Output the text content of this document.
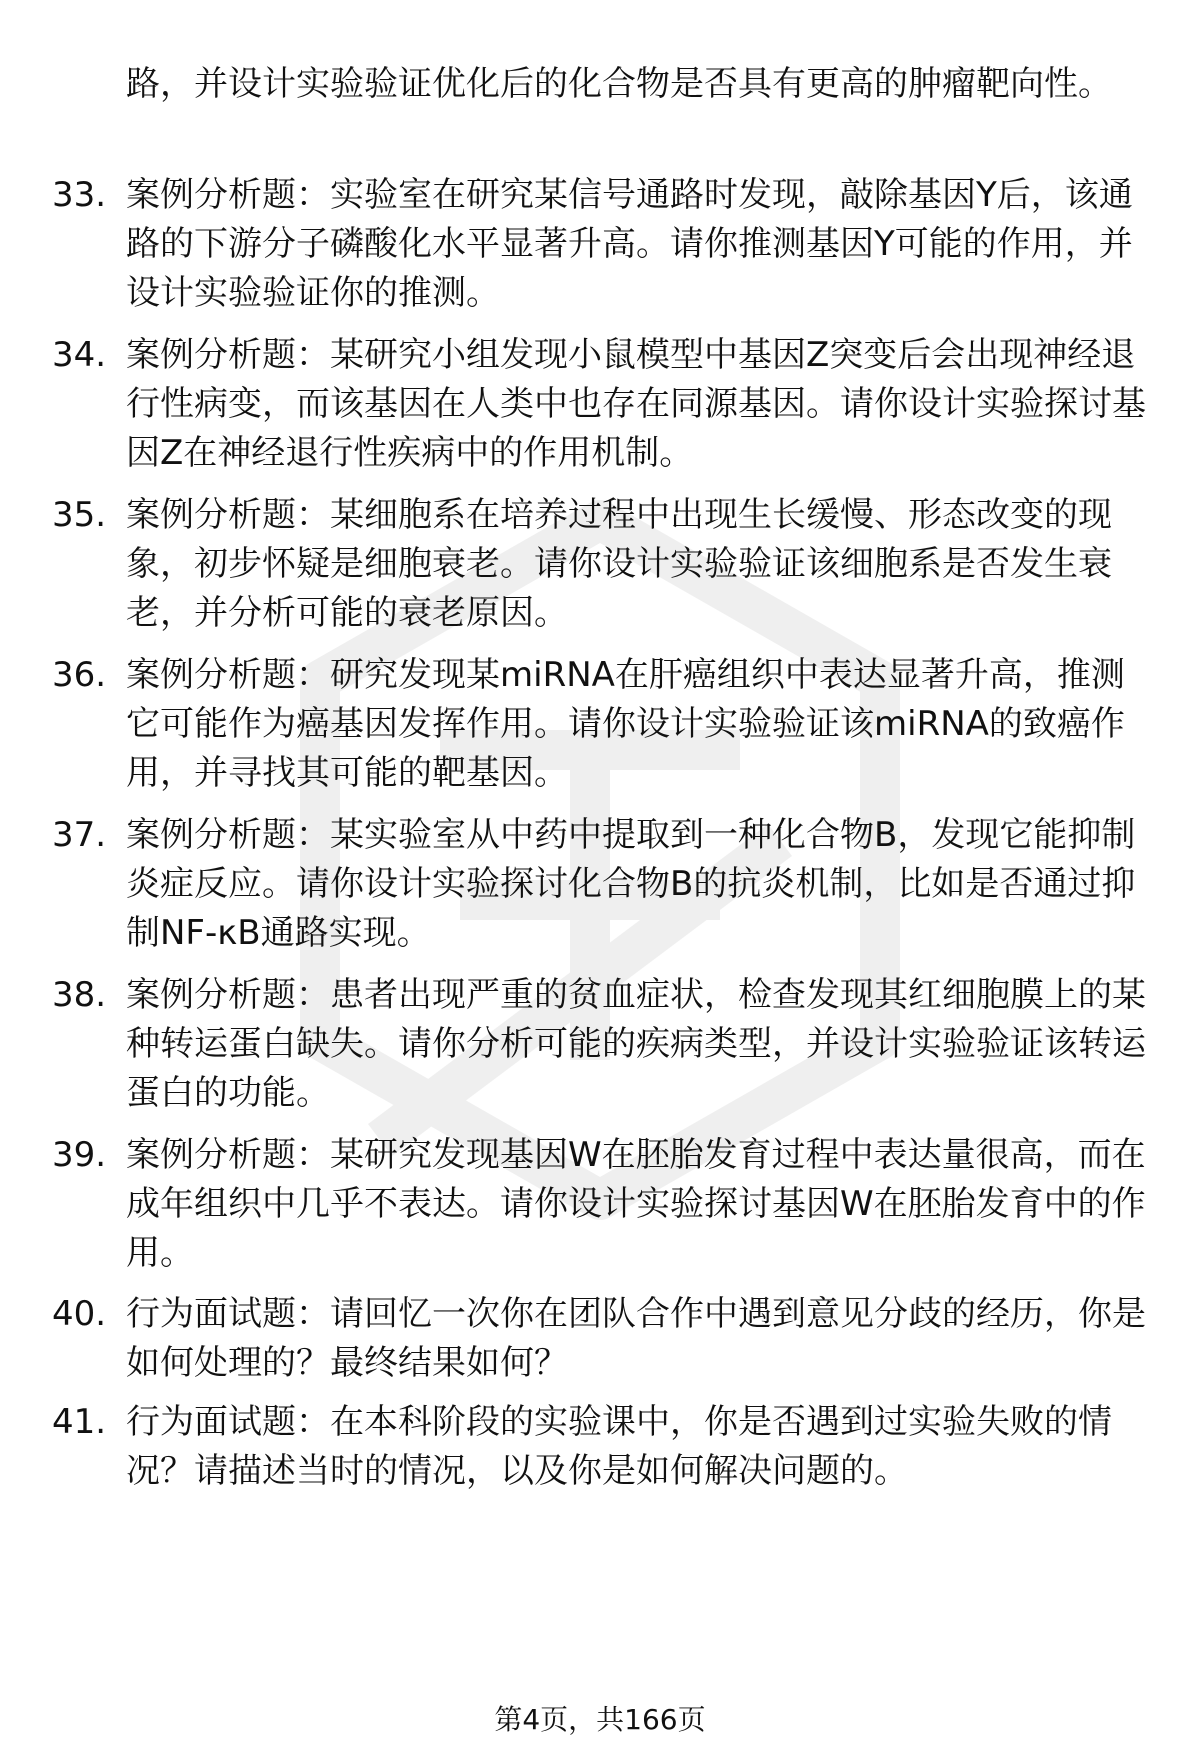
路，并设计实验验证优化后的化合物是否具有更高的肿瘤靶向性。

33. 案例分析题：实验室在研究某信号通路时发现，敲除基因Y后，该通路的下游分子磷酸化水平显著升高。请你推测基因Y可能的作用，并设计实验验证你的推测。

34. 案例分析题：某研究小组发现小鼠模型中基因Z突变后会出现神经退行性病变，而该基因在人类中也存在同源基因。请你设计实验探讨基因Z在神经退行性疾病中的作用机制。

35. 案例分析题：某细胞系在培养过程中出现生长缓慢、形态改变的现象，初步怀疑是细胞衰老。请你设计实验验证该细胞系是否发生衰老，并分析可能的衰老原因。

36. 案例分析题：研究发现某miRNA在肝癌组织中表达显著升高，推测它可能作为癌基因发挥作用。请你设计实验验证该miRNA的致癌作用，并寻找其可能的靶基因。

37. 案例分析题：某实验室从中药中提取到一种化合物B，发现它能抑制炎症反应。请你设计实验探讨化合物B的抗炎机制，比如是否通过抑制NF-κB通路实现。

38. 案例分析题：患者出现严重的贫血症状，检查发现其红细胞膜上的某种转运蛋白缺失。请你分析可能的疾病类型，并设计实验验证该转运蛋白的功能。

39. 案例分析题：某研究发现基因W在胚胎发育过程中表达量很高，而在成年组织中几乎不表达。请你设计实验探讨基因W在胚胎发育中的作用。

40. 行为面试题：请回忆一次你在团队合作中遇到意见分歧的经历，你是如何处理的？最终结果如何？

41. 行为面试题：在本科阶段的实验课中，你是否遇到过实验失败的情况？请描述当时的情况，以及你是如何解决问题的。

第4页，共166页
